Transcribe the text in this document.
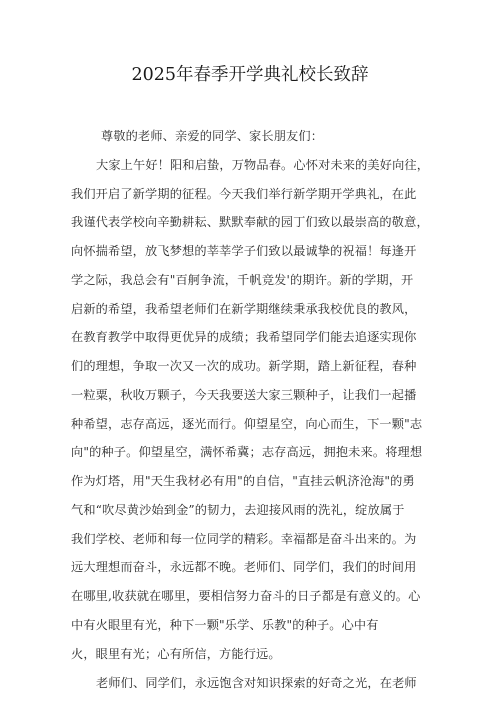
2025年春季开学典礼校长致辞
尊敬的老师、亲爱的同学、家长朋友们：
大家上午好！阳和启蛰，万物品春。心怀对未来的美好向往，
我们开启了新学期的征程。今天我们举行新学期开学典礼，在此
我谨代表学校向辛勤耕耘、默默奉献的园丁们致以最崇高的敬意，
向怀揣希望，放飞梦想的莘莘学子们致以最诚挚的祝福！每逢开
学之际，我总会有"百舸争流，千帆竞发'的期许。新的学期，开
启新的希望，我希望老师们在新学期继续秉承我校优良的教风，
在教育教学中取得更优异的成绩；我希望同学们能去追逐实现你
们的理想，争取一次又一次的成功。新学期，踏上新征程，春种
一粒粟，秋收万颗子，今天我要送大家三颗种子，让我们一起播
种希望，志存高远，逐光而行。仰望星空，向心而生，下一颗"志
向"的种子。仰望星空，满怀希冀；志存高远，拥抱未来。将理想
作为灯塔，用"天生我材必有用"的自信，"直挂云帆济沧海"的勇
气和“吹尽黄沙始到金”的韧力，去迎接风雨的洗礼，绽放属于
我们学校、老师和每一位同学的精彩。幸福都是奋斗出来的。为
远大理想而奋斗，永远都不晚。老师们、同学们，我们的时间用
在哪里,收获就在哪里，要相信努力奋斗的日子都是有意义的。心
中有火眼里有光，种下一颗"乐学、乐教"的种子。心中有
火，眼里有光；心有所信，方能行远。
老师们、同学们，永远饱含对知识探索的好奇之光，在老师
